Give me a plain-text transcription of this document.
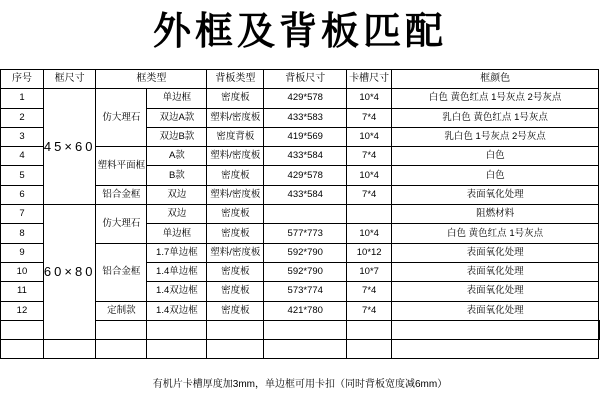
外框及背板匹配
序号	框尺寸	框类型		背板类型	背板尺寸	卡槽尺寸	框颜色	
1	45×60	仿大理石	单边框	密度板	429*578	10*4	白色 黄色红点 1号灰点 2号灰点	
2			双边A款	塑料/密度板	433*583	7*4	乳白色 黄色红点 1号灰点	
3			双边B款	密度背板	419*569	10*4	乳白色 1号灰点 2号灰点	
4		塑料平面框	A款	塑料/密度板	433*584	7*4	白色	
5			B款	密度板	429*578	10*4	白色	
6		铝合金框	双边	塑料/密度板	433*584	7*4	表面氧化处理	
7	60×80	仿大理石	双边	密度板			阻燃材料	
8			单边框	密度板	577*773	10*4	白色 黄色红点 1号灰点	
9		铝合金框	1.7单边框	塑料/密度板	592*790	10*12	表面氧化处理	
10			1.4单边框	密度板	592*790	10*7	表面氧化处理	
11			1.4双边框	密度板	573*774	7*4	表面氧化处理	
12		定制款	1.4双边框	密度板	421*780	7*4	表面氧化处理	

有机片卡槽厚度加3mm，单边框可用卡扣（同时背板宽度减6mm）
